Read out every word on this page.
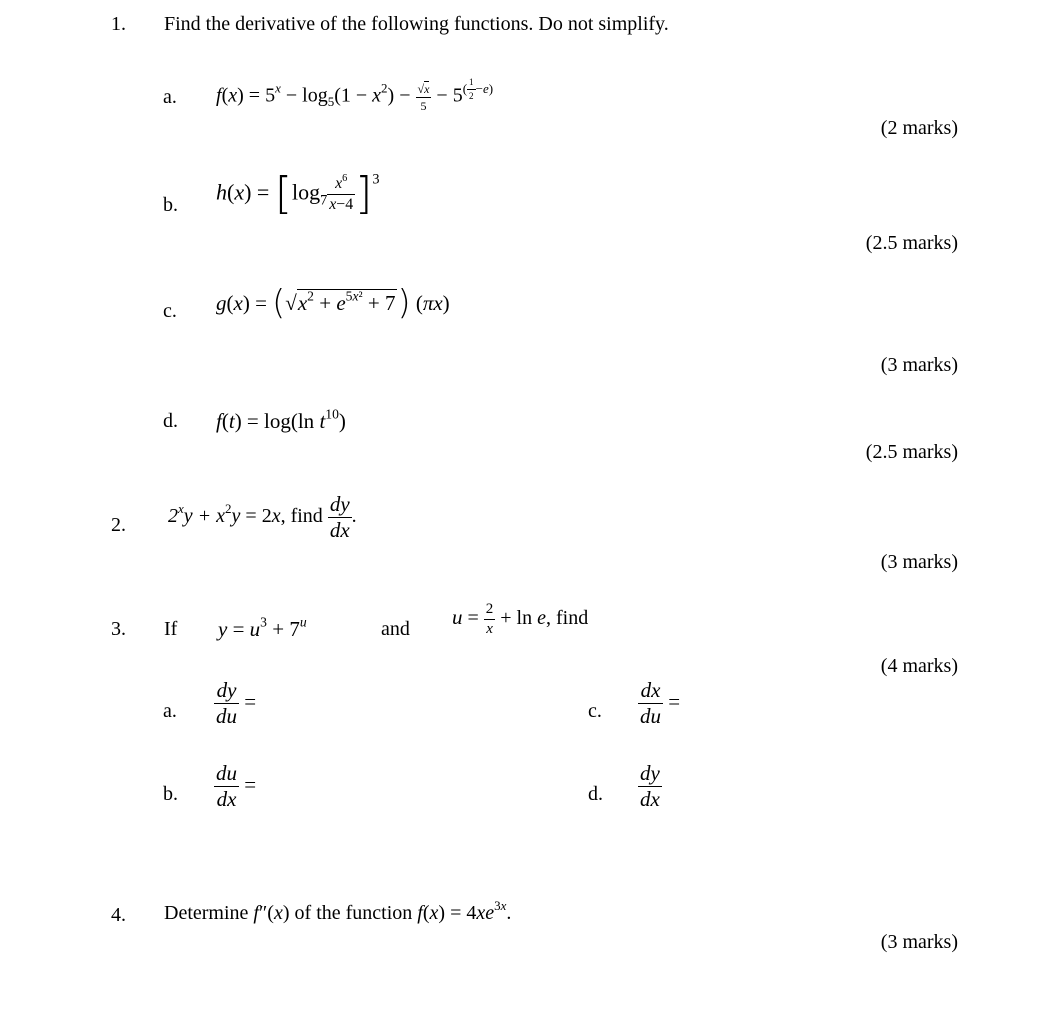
1. Find the derivative of the following functions. Do not simplify.
a. $f(x) = 5^x - \log_5(1 - x^2) - \frac{√x}{5} - 5^{( \frac{1}{2} -e)}$
(2 marks)
b.
$h(x) = [\log_7 \frac{x^6}{x-4} ]^3$
(2.5 marks)
c. $g(x) = (√x^2 + e^{5x^2} + 7)$ (πx)
(3 marks)
d. f(t) = log(ln $t^{10}$)
(2.5 marks)
2. $2^xy + x^2y = 2x$, find $\frac{dy}{dx}$ .
(3 marks)
3. If $y = u^3 + 7^u$	and $u = \frac{2}{x} + \ln e$, find
(4 marks)
a. $\frac{dy}{du}$ =	c. $\frac{dx}{du}$ =
b. $\frac{du}{dx}$ =	d. $\frac{dy}{dx}$
4. Determine f″(x) of the function $f(x) = 4xe^{3x}$.
(3 marks)
